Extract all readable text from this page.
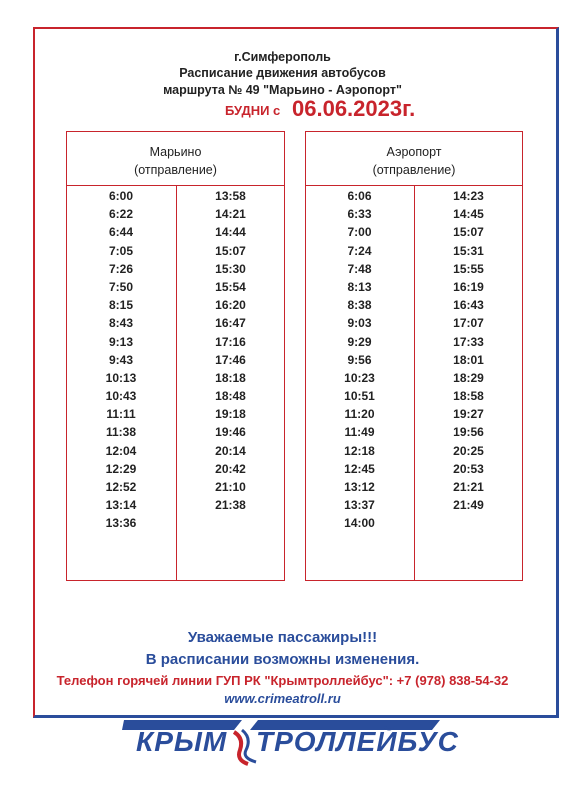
г.Симферополь
Расписание движения автобусов
маршрута № 49 "Марьино - Аэропорт"
БУДНИ с 06.06.2023г.
Марьино
(отправление)
6:00
6:22
6:44
7:05
7:26
7:50
8:15
8:43
9:13
9:43
10:13
10:43
11:11
11:38
12:04
12:29
12:52
13:14
13:36
13:58
14:21
14:44
15:07
15:30
15:54
16:20
16:47
17:16
17:46
18:18
18:48
19:18
19:46
20:14
20:42
21:10
21:38
Аэропорт
(отправление)
6:06
6:33
7:00
7:24
7:48
8:13
8:38
9:03
9:29
9:56
10:23
10:51
11:20
11:49
12:18
12:45
13:12
13:37
14:00
14:23
14:45
15:07
15:31
15:55
16:19
16:43
17:07
17:33
18:01
18:29
18:58
19:27
19:56
20:25
20:53
21:21
21:49
Уважаемые пассажиры!!!
В расписании возможны изменения.
Телефон горячей линии ГУП РК "Крымтроллейбус": +7 (978) 838-54-32
www.crimeatroll.ru
КРЫМ ТРОЛЛЕЙБУС
